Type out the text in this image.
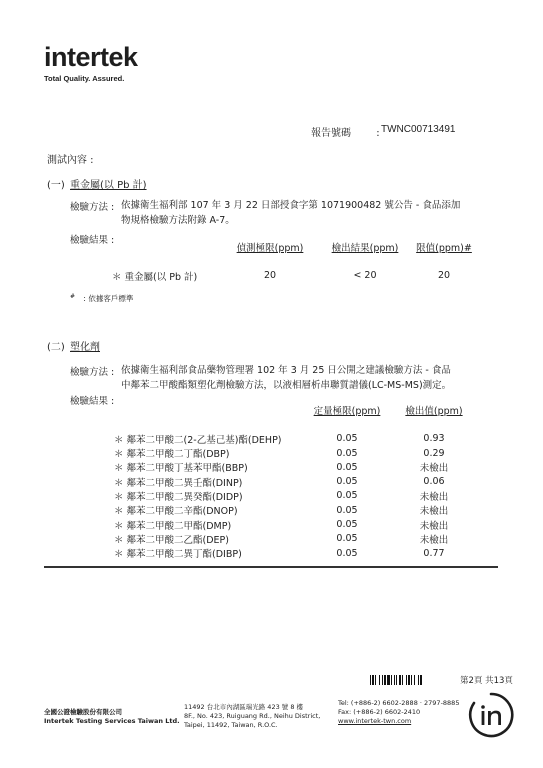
intertek
Total Quality. Assured.
報告號碼	: TWNC00713491
測試內容 :
(一) 重金屬(以 Pb 計)
檢驗方法 : 依據衛生福利部 107 年 3 月 22 日部授食字第 1071900482 號公告 - 食品添加
物規格檢驗方法附錄 A-7。
檢驗結果 :
	偵測極限(ppm)	檢出結果(ppm)	限值(ppm)#

＊ 重金屬(以 Pb 計)	20	< 20	20
# : 依據客戶標準
(二) 塑化劑
檢驗方法 : 依據衛生福利部食品藥物管理署 102 年 3 月 25 日公開之建議檢驗方法 - 食品
中鄰苯二甲酸酯類塑化劑檢驗方法，以液相層析串聯質譜儀(LC-MS-MS)測定。
檢驗結果 :
	定量極限(ppm)	檢出值(ppm)

＊ 鄰苯二甲酸二(2-乙基己基)酯(DEHP)	0.05	0.93
＊ 鄰苯二甲酸二丁酯(DBP)	0.05	0.29
＊ 鄰苯二甲酸丁基苯甲酯(BBP)	0.05	未檢出
＊ 鄰苯二甲酸二異壬酯(DINP)	0.05	0.06
＊ 鄰苯二甲酸二異癸酯(DIDP)	0.05	未檢出
＊ 鄰苯二甲酸二辛酯(DNOP)	0.05	未檢出
＊ 鄰苯二甲酸二甲酯(DMP)	0.05	未檢出
＊ 鄰苯二甲酸二乙酯(DEP)	0.05	未檢出
＊ 鄰苯二甲酸二異丁酯(DIBP)	0.05	0.77
第2頁 共13頁
全國公證檢驗股份有限公司
Intertek Testing Services Taiwan Ltd.
11492 台北市內湖區瑞光路 423 號 8 樓
8F., No. 423, Ruiguang Rd., Neihu District,
Taipei, 11492, Taiwan, R.O.C.
Tel: (+886-2) 6602-2888 · 2797-8885
Fax: (+886-2) 6602-2410
www.intertek-twn.com
